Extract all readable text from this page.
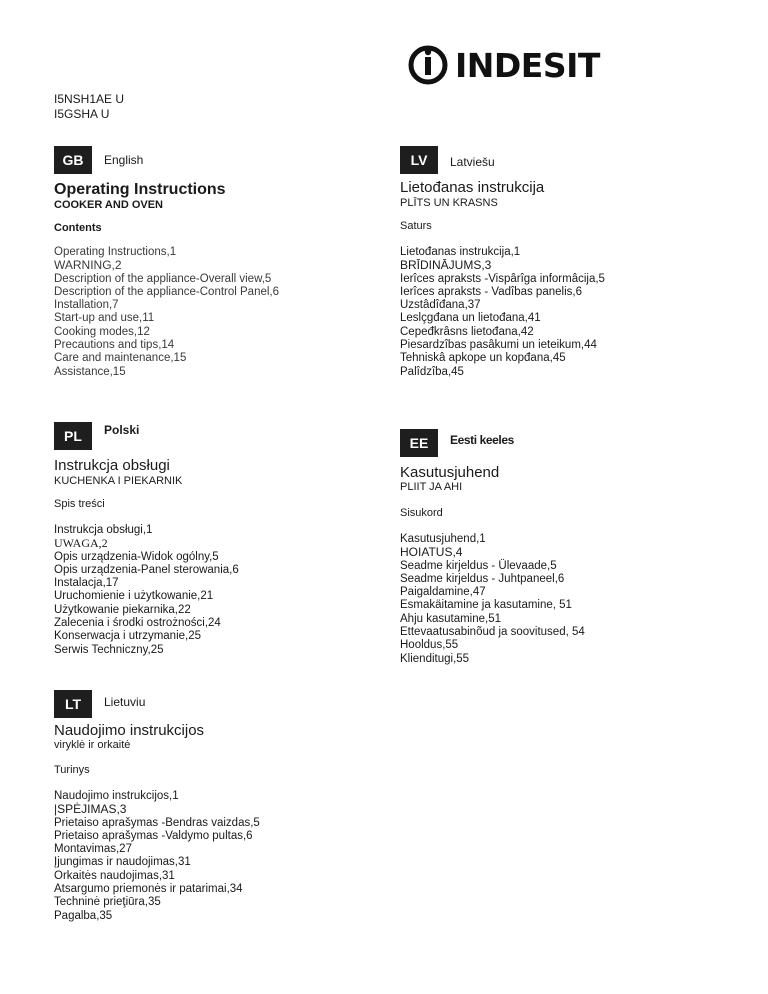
INDESIT
I5NSH1AE U
I5GSHA U
GB	English
Operating Instructions
COOKER AND OVEN
Contents
Operating Instructions,1
WARNING,2
Description of the appliance-Overall view,5
Description of the appliance-Control Panel,6
Installation,7
Start-up and use,11
Cooking modes,12
Precautions and tips,14
Care and maintenance,15
Assistance,15
LV	Latviešu
Lietođanas instrukcija
PLĪTS UN KRASNS
Saturs
Lietođanas instrukcija,1
BRĪDINĀJUMS,3
Ierîces apraksts -Vispârîga informâcija,5
Ierîces apraksts - Vadîbas panelis,6
Uzstâdîđana,37
Leslçgđana un lietođana,41
Cepeđkrâsns lietođana,42
Piesardzîbas pasâkumi un ieteikum,44
Tehniskâ apkope un kopđana,45
Palîdzîba,45
PL	Polski
Instrukcja obsługi
KUCHENKA I PIEKARNIK
Spis treści
Instrukcja obsługi,1
UWAGA,2
Opis urządzenia-Widok ogólny,5
Opis urządzenia-Panel sterowania,6
Instalacja,17
Uruchomienie i użytkowanie,21
Użytkowanie piekarnika,22
Zalecenia i środki ostrożności,24
Konserwacja i utrzymanie,25
Serwis Techniczny,25
EE	Eesti keeles
Kasutusjuhend
PLIIT JA AHI
Sisukord
Kasutusjuhend,1
HOIATUS,4
Seadme kirjeldus - Ülevaade,5
Seadme kirjeldus - Juhtpaneel,6
Paigaldamine,47
Esmakäitamine ja kasutamine, 51
Ahju kasutamine,51
Ettevaatusabinõud ja soovitused, 54
Hooldus,55
Klienditugi,55
LT	Lietuviu
Naudojimo instrukcijos
viryklė ir orkaitė
Turinys
Naudojimo instrukcijos,1
|SPĖJIMAS,3
Prietaiso aprašymas -Bendras vaizdas,5
Prietaiso aprašymas -Valdymo pultas,6
Montavimas,27
Įjungimas ir naudojimas,31
Orkaitės naudojimas,31
Atsargumo priemonės ir patarimai,34
Techninė prieţiūra,35
Pagalba,35
